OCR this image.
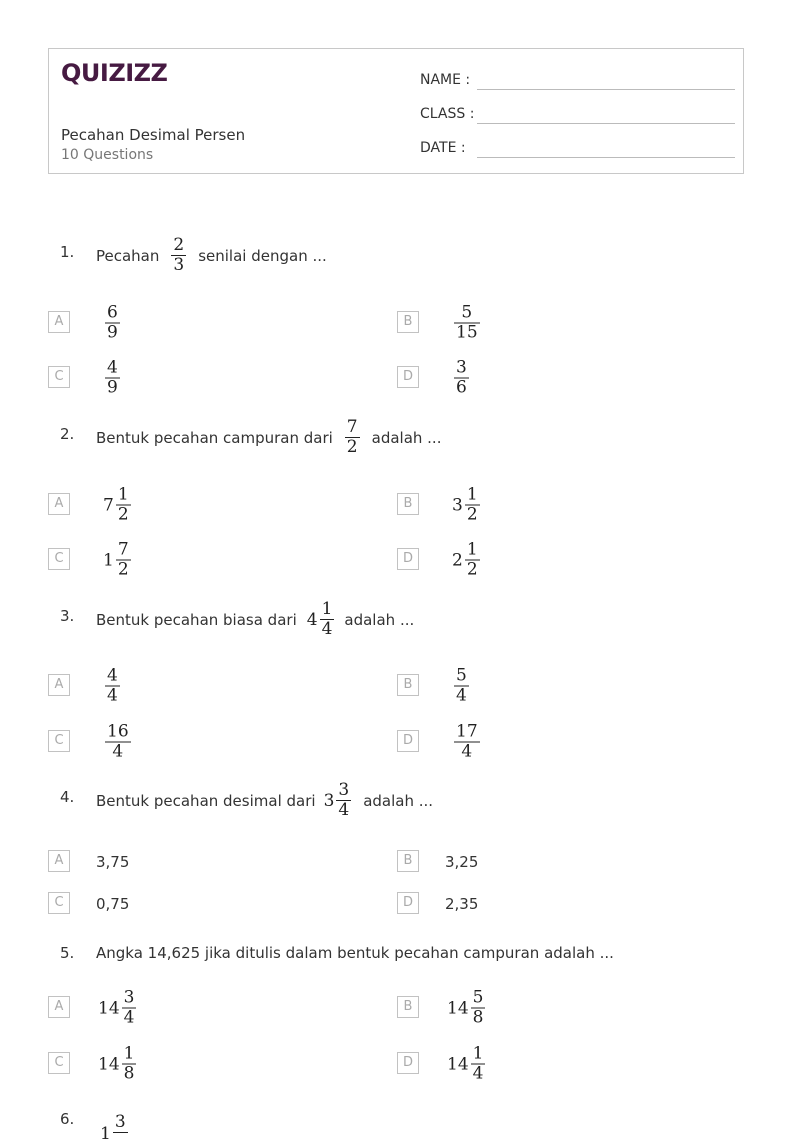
QUIZIZZ
Pecahan Desimal Persen
10 Questions
NAME :
CLASS :
DATE :
1. Pecahan $\frac{2}{3}$ senilai dengan ...
A	$\frac{6}{9}$	B	$\frac{5}{15}$
C	$\frac{4}{9}$	D	$\frac{3}{6}$
2. Bentuk pecahan campuran dari $\frac{7}{2}$ adalah ...
A	$7 \frac{1}{2}$	B	$3 \frac{1}{2}$
C	$1 \frac{7}{2}$	D	$2 \frac{1}{2}$
3. Bentuk pecahan biasa dari $4 \frac{1}{4}$ adalah ...
A	$\frac{4}{4}$	B	$\frac{5}{4}$
C	$\frac{16}{4}$	D	$\frac{17}{4}$
4. Bentuk pecahan desimal dari $3 \frac{3}{4}$ adalah ...
A	3,75	B	3,25
C	0,75	D	2,35
5. Angka 14,625 jika ditulis dalam bentuk pecahan campuran adalah ...
A	$14 \frac{3}{4}$	B	$14 \frac{5}{8}$
C	$14 \frac{1}{8}$	D	$14 \frac{1}{4}$
6.
1
3
